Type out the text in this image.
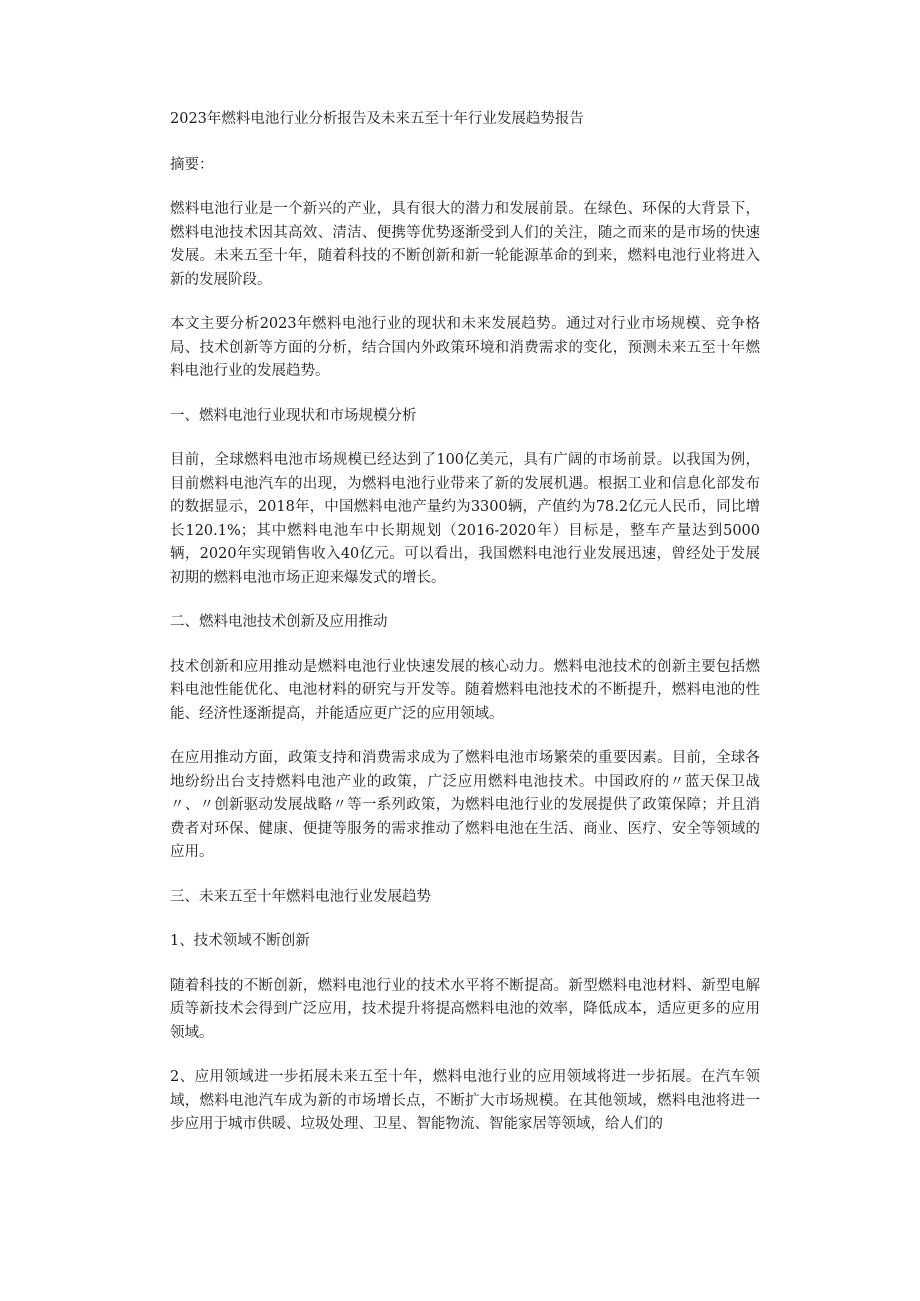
2023年燃料电池行业分析报告及未来五至十年行业发展趋势报告

摘要：

燃料电池行业是一个新兴的产业，具有很大的潜力和发展前景。在绿色、环保的大背景下，燃料电池技术因其高效、清洁、便携等优势逐渐受到人们的关注，随之而来的是市场的快速发展。未来五至十年，随着科技的不断创新和新一轮能源革命的到来，燃料电池行业将进入新的发展阶段。

本文主要分析2023年燃料电池行业的现状和未来发展趋势。通过对行业市场规模、竞争格局、技术创新等方面的分析，结合国内外政策环境和消费需求的变化，预测未来五至十年燃料电池行业的发展趋势。

一、燃料电池行业现状和市场规模分析

目前，全球燃料电池市场规模已经达到了100亿美元，具有广阔的市场前景。以我国为例，目前燃料电池汽车的出现，为燃料电池行业带来了新的发展机遇。根据工业和信息化部发布的数据显示，2018年，中国燃料电池产量约为3300辆，产值约为78.2亿元人民币，同比增长120.1%；其中燃料电池车中长期规划（2016-2020年）目标是，整车产量达到5000辆，2020年实现销售收入40亿元。可以看出，我国燃料电池行业发展迅速，曾经处于发展初期的燃料电池市场正迎来爆发式的增长。

二、燃料电池技术创新及应用推动

技术创新和应用推动是燃料电池行业快速发展的核心动力。燃料电池技术的创新主要包括燃料电池性能优化、电池材料的研究与开发等。随着燃料电池技术的不断提升，燃料电池的性能、经济性逐渐提高，并能适应更广泛的应用领域。

在应用推动方面，政策支持和消费需求成为了燃料电池市场繁荣的重要因素。目前，全球各地纷纷出台支持燃料电池产业的政策，广泛应用燃料电池技术。中国政府的〃蓝天保卫战〃、〃创新驱动发展战略〃等一系列政策，为燃料电池行业的发展提供了政策保障；并且消费者对环保、健康、便捷等服务的需求推动了燃料电池在生活、商业、医疗、安全等领域的应用。

三、未来五至十年燃料电池行业发展趋势

1、技术领域不断创新

随着科技的不断创新，燃料电池行业的技术水平将不断提高。新型燃料电池材料、新型电解质等新技术会得到广泛应用，技术提升将提高燃料电池的效率，降低成本，适应更多的应用领域。

2、应用领域进一步拓展未来五至十年，燃料电池行业的应用领域将进一步拓展。在汽车领域，燃料电池汽车成为新的市场增长点，不断扩大市场规模。在其他领域，燃料电池将进一步应用于城市供暖、垃圾处理、卫星、智能物流、智能家居等领域，给人们的
